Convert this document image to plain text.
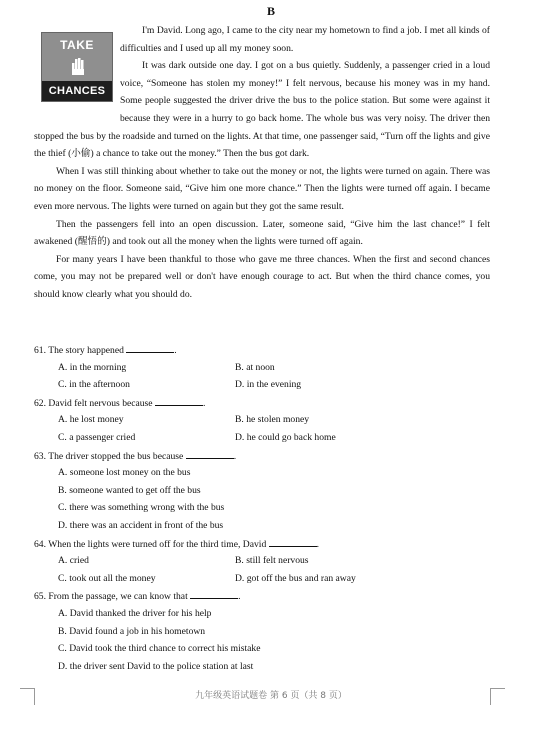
B

I'm David. Long ago, I came to the city near my hometown to find a job. I met all kinds of difficulties and I used up all my money soon.

It was dark outside one day. I got on a bus quietly. Suddenly, a passenger cried in a loud voice, “Someone has stolen my money!” I felt nervous, because his money was in my hand. Some people suggested the driver drive the bus to the police station. But some were against it because they were in a hurry to go back home. The whole bus was very noisy. The driver then stopped the bus by the roadside and turned on the lights. At that time, one passenger said, “Turn off the lights and give the thief (小偷) a chance to take out the money.” Then the bus got dark.

When I was still thinking about whether to take out the money or not, the lights were turned on again. There was no money on the floor. Someone said, “Give him one more chance.” Then the lights were turned off again. I became even more nervous. The lights were turned on again but they got the same result.

Then the passengers fell into an open discussion. Later, someone said, “Give him the last chance!” I felt awakened (醒悟的) and took out all the money when the lights were turned off again.

For many years I have been thankful to those who gave me three chances. When the first and second chances come, you may not be prepared well or don't have enough courage to act. But when the third chance comes, you should know clearly what you should do.

TAKE
CHANCES
61. The story happened	.
A. in the morning	B. at noon
C. in the afternoon	D. in the evening
62. David felt nervous because	.
A. he lost money	B. he stolen money
C. a passenger cried	D. he could go back home
63. The driver stopped the bus because	.
A. someone lost money on the bus
B. someone wanted to get off the bus
C. there was something wrong with the bus
D. there was an accident in front of the bus
64. When the lights were turned off for the third time, David	.
A. cried	B. still felt nervous
C. took out all the money	D. got off the bus and ran away
65. From the passage, we can know that	.
A. David thanked the driver for his help
B. David found a job in his hometown
C. David took the third chance to correct his mistake
D. the driver sent David to the police station at last
九年级英语试题卷 第 6 页（共 8 页）
